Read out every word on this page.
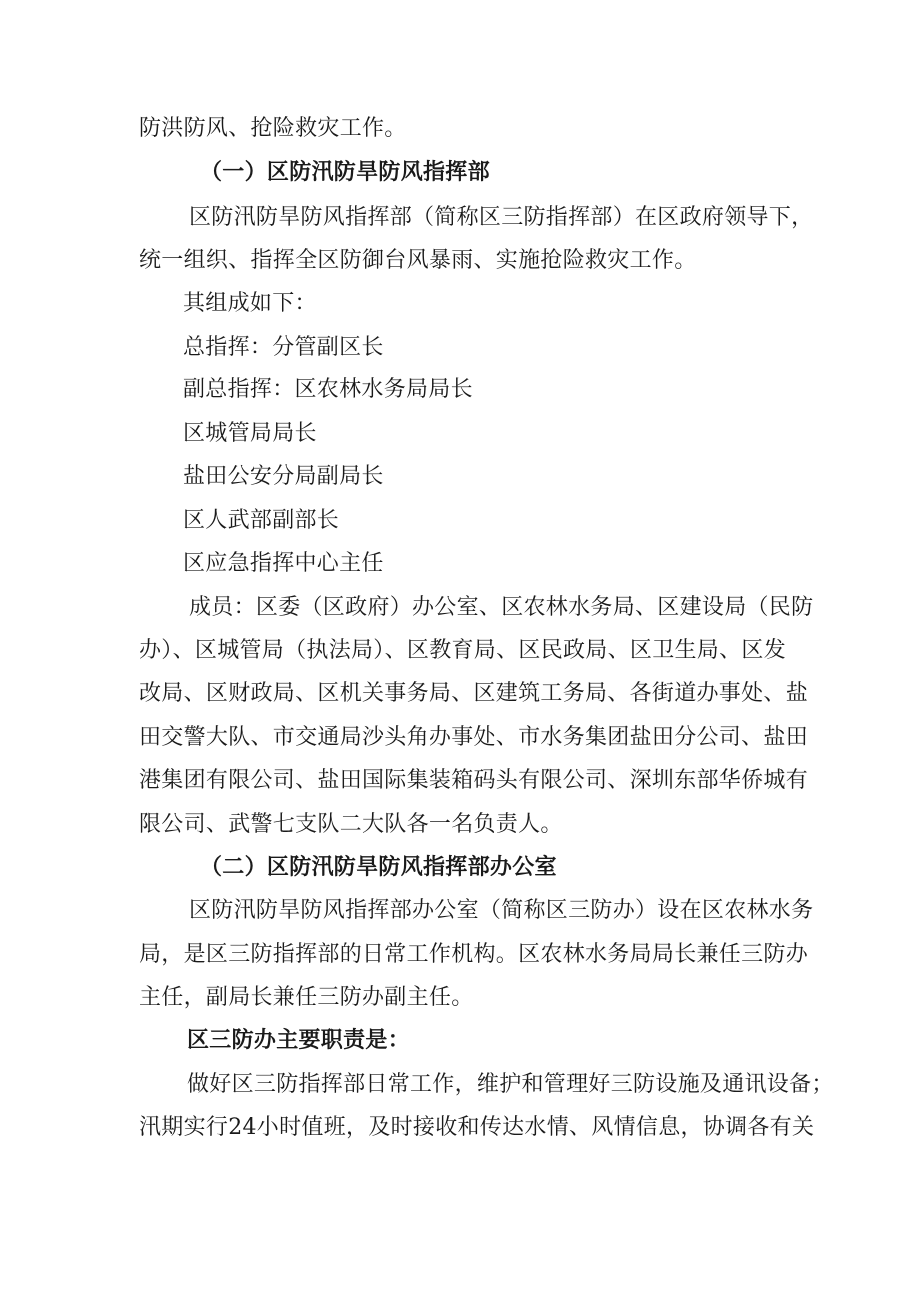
防洪防风、抢险救灾工作。
（一）区防汛防旱防风指挥部
区防汛防旱防风指挥部（简称区三防指挥部）在区政府领导下，
统一组织、指挥全区防御台风暴雨、实施抢险救灾工作。
其组成如下：
总指挥：分管副区长
副总指挥：区农林水务局局长
区城管局局长
盐田公安分局副局长
区人武部副部长
区应急指挥中心主任
成员：区委（区政府）办公室、区农林水务局、区建设局（民防
办）、区城管局（执法局）、区教育局、区民政局、区卫生局、区发
改局、区财政局、区机关事务局、区建筑工务局、各街道办事处、盐
田交警大队、市交通局沙头角办事处、市水务集团盐田分公司、盐田
港集团有限公司、盐田国际集装箱码头有限公司、深圳东部华侨城有
限公司、武警七支队二大队各一名负责人。
（二）区防汛防旱防风指挥部办公室
区防汛防旱防风指挥部办公室（简称区三防办）设在区农林水务
局，是区三防指挥部的日常工作机构。区农林水务局局长兼任三防办
主任，副局长兼任三防办副主任。
区三防办主要职责是：
做好区三防指挥部日常工作，维护和管理好三防设施及通讯设备；
汛期实行24小时值班，及时接收和传达水情、风情信息，协调各有关
